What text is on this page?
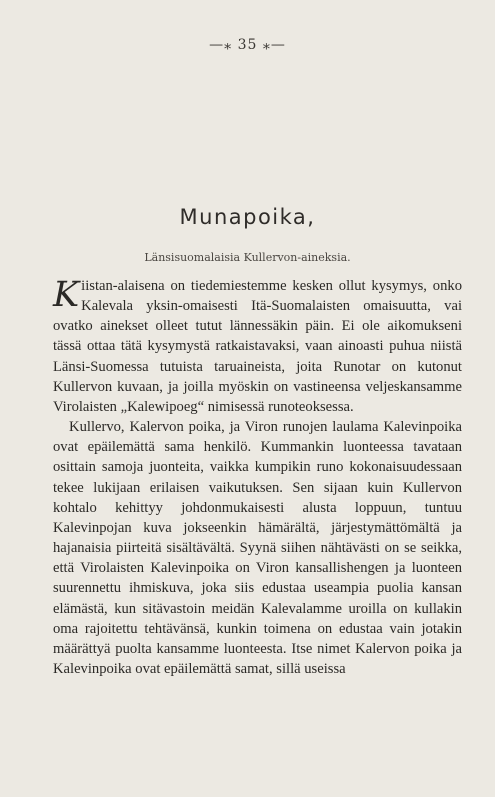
—⁎ 35 ⁎—
Munapoika,
Länsisuomalaisia Kullervon-aineksia.

Kiistan-alaisena on tiedemiestemme kesken ollut kysymys, onko Kalevala yksin-omaisesti Itä-Suomalaisten omaisuutta, vai ovatko ainekset olleet tutut lännessäkin päin. Ei ole aikomukseni tässä ottaa tätä kysymystä ratkaistavaksi, vaan ainoasti puhua niistä Länsi-Suomessa tutuista taruaineista, joita Runotar on kutonut Kullervon kuvaan, ja joilla myöskin on vastineensa veljeskansamme Virolaisten „Kalewipoeg“ nimisessä runoteoksessa.

Kullervo, Kalervon poika, ja Viron runojen laulama Kalevinpoika ovat epäilemättä sama henkilö. Kummankin luonteessa tavataan osittain samoja juonteita, vaikka kumpikin runo kokonaisuudessaan tekee lukijaan erilaisen vaikutuksen. Sen sijaan kuin Kullervon kohtalo kehittyy johdonmukaisesti alusta loppuun, tuntuu Kalevinpojan kuva jokseenkin hämärältä, järjestymättömältä ja hajanaisia piirteitä sisältävältä. Syynä siihen nähtävästi on se seikka, että Virolaisten Kalevinpoika on Viron kansallishengen ja luonteen suurennettu ihmiskuva, joka siis edustaa useampia puolia kansan elämästä, kun sitävastoin meidän Kalevalamme uroilla on kullakin oma rajoitettu tehtävänsä, kunkin toimena on edustaa vain jotakin määrättyä puolta kansamme luonteesta. Itse nimet Kalervon poika ja Kalevinpoika ovat epäilemättä samat, sillä useissa
